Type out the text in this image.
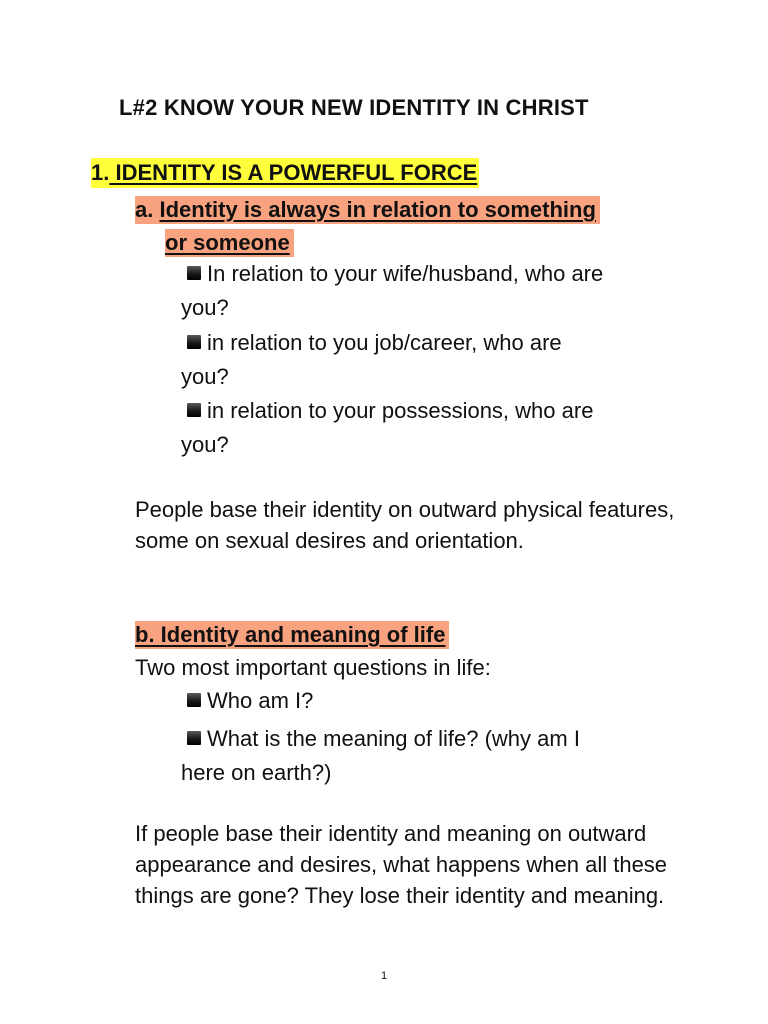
L#2 KNOW YOUR NEW IDENTITY IN CHRIST
1. IDENTITY IS A POWERFUL FORCE
a. Identity is always in relation to something
or someone
In relation to your wife/husband, who are
you?
in relation to you job/career, who are
you?
in relation to your possessions, who are
you?
People base their identity on outward physical features, some on sexual desires and orientation.
b. Identity and meaning of life
Two most important questions in life:
Who am I?
What is the meaning of life? (why am I
here on earth?)
If people base their identity and meaning on outward appearance and desires, what happens when all these things are gone? They lose their identity and meaning.
1
